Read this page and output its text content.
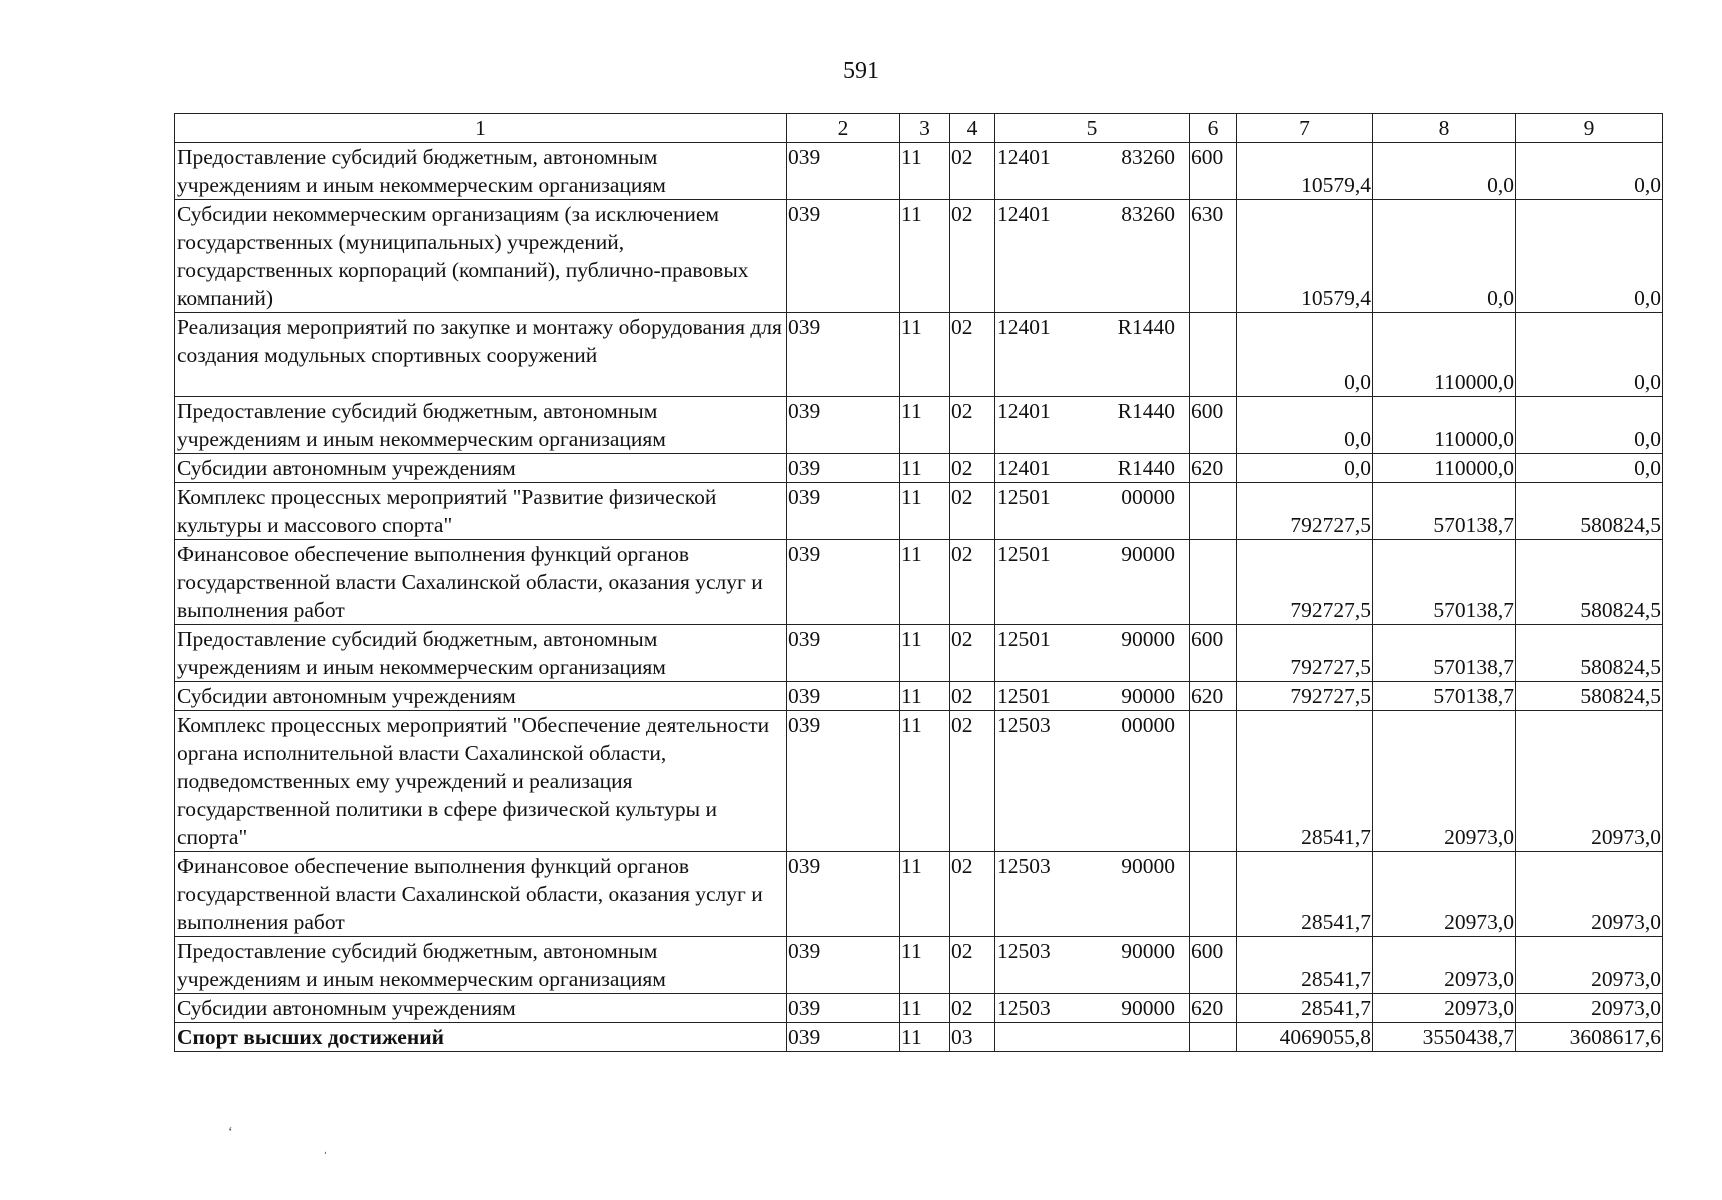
591
1	2	3	4	5	6	7	8	9
Предоставление субсидий бюджетным, автономным учреждениям и иным некоммерческим организациям	039	11	02	12401 83260	600	10579,4	0,0	0,0
Субсидии некоммерческим организациям (за исключением государственных (муниципальных) учреждений, государственных корпораций (компаний), публично-правовых компаний)	039	11	02	12401 83260	630	10579,4	0,0	0,0
Реализация мероприятий по закупке и монтажу оборудования для создания модульных спортивных сооружений	039	11	02	12401 R1440		0,0	110000,0	0,0
Предоставление субсидий бюджетным, автономным учреждениям и иным некоммерческим организациям	039	11	02	12401 R1440	600	0,0	110000,0	0,0
Субсидии автономным учреждениям	039	11	02	12401 R1440	620	0,0	110000,0	0,0
Комплекс процессных мероприятий "Развитие физической культуры и массового спорта"	039	11	02	12501 00000		792727,5	570138,7	580824,5
Финансовое обеспечение выполнения функций органов государственной власти Сахалинской области, оказания услуг и выполнения работ	039	11	02	12501 90000		792727,5	570138,7	580824,5
Предоставление субсидий бюджетным, автономным учреждениям и иным некоммерческим организациям	039	11	02	12501 90000	600	792727,5	570138,7	580824,5
Субсидии автономным учреждениям	039	11	02	12501 90000	620	792727,5	570138,7	580824,5
Комплекс процессных мероприятий "Обеспечение деятельности органа исполнительной власти Сахалинской области, подведомственных ему учреждений и реализация государственной политики в сфере физической культуры и спорта"	039	11	02	12503 00000		28541,7	20973,0	20973,0
Финансовое обеспечение выполнения функций органов государственной власти Сахалинской области, оказания услуг и выполнения работ	039	11	02	12503 90000		28541,7	20973,0	20973,0
Предоставление субсидий бюджетным, автономным учреждениям и иным некоммерческим организациям	039	11	02	12503 90000	600	28541,7	20973,0	20973,0
Субсидии автономным учреждениям	039	11	02	12503 90000	620	28541,7	20973,0	20973,0
Спорт высших достижений	039	11	03			4069055,8	3550438,7	3608617,6
ʻ
ˌ
